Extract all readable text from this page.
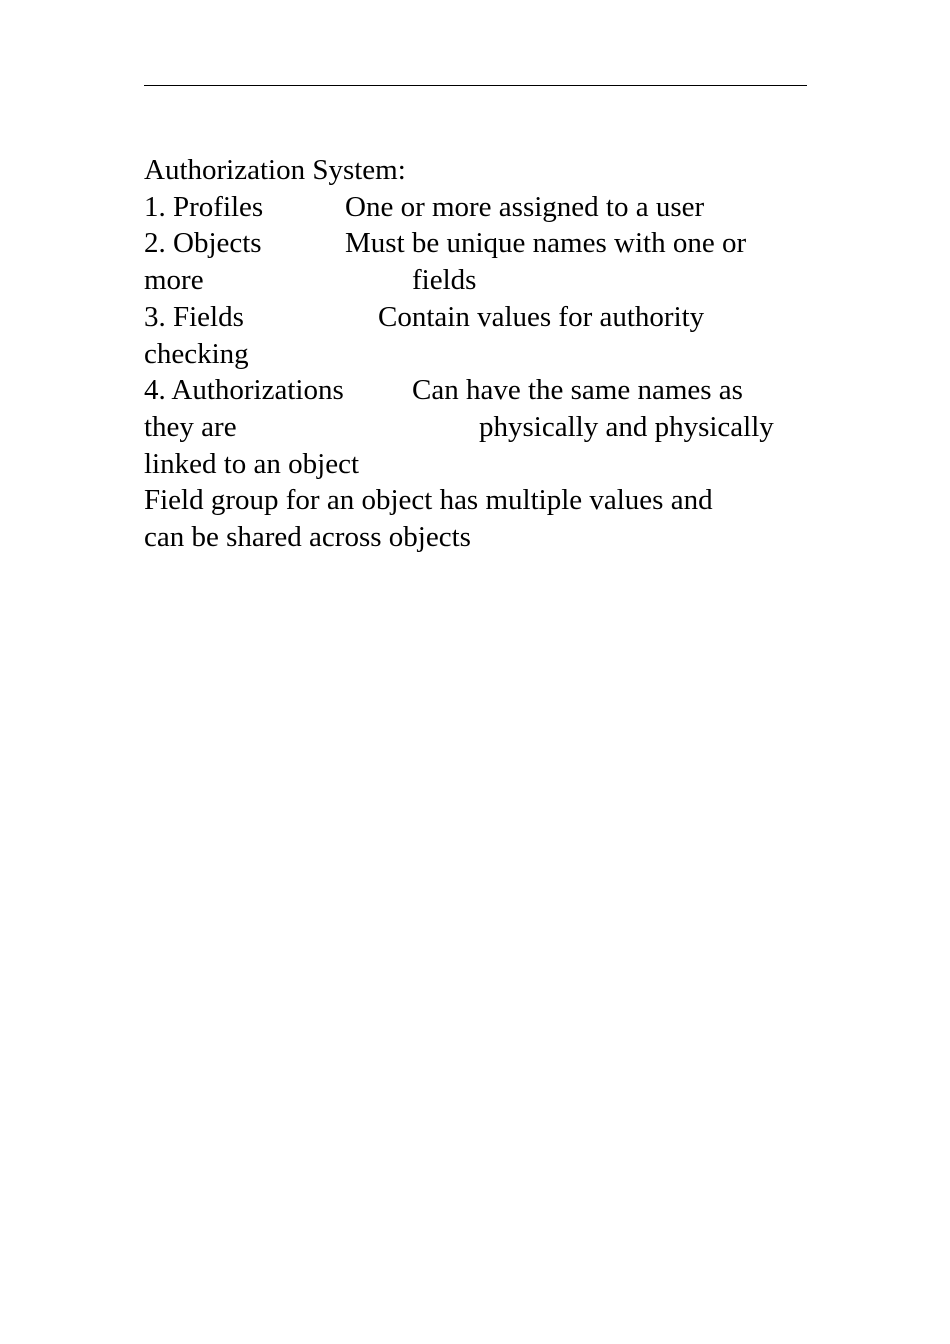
Authorization System:
1. Profiles	One or more assigned to a user
2. Objects	Must be unique names with one or
more	fields
3. Fields	Contain values for authority
checking
4. Authorizations Can have the same names as
they are	physically and physically
linked to an object
Field group for an object has multiple values and
can be shared across objects
